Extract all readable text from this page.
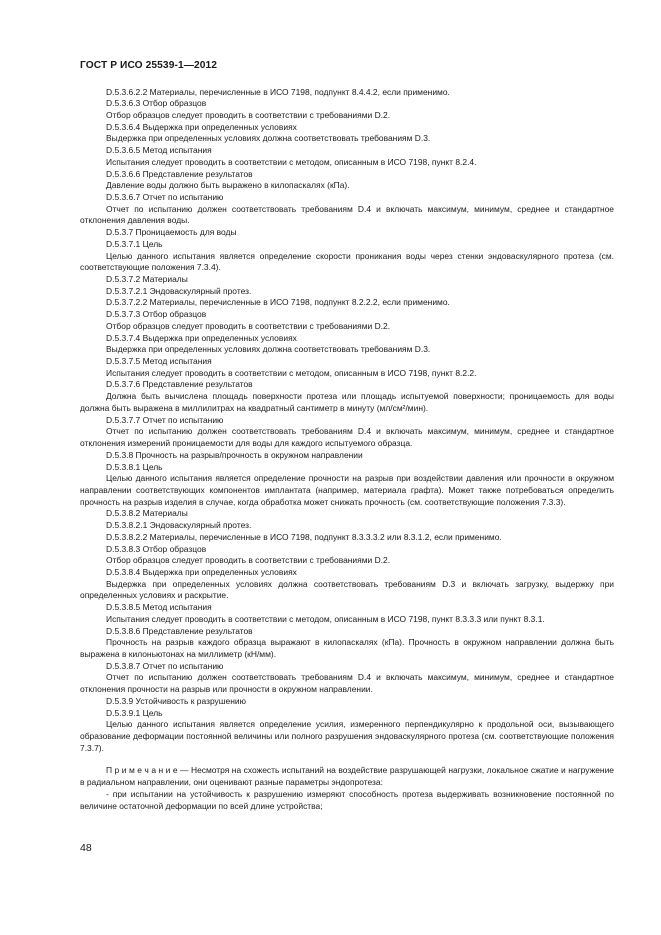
ГОСТ Р ИСО 25539-1—2012

D.5.3.6.2.2 Материалы, перечисленные в ИСО 7198, подпункт 8.4.4.2, если применимо.

D.5.3.6.3 Отбор образцов

Отбор образцов следует проводить в соответствии с требованиями D.2.

D.5.3.6.4 Выдержка при определенных условиях

Выдержка при определенных условиях должна соответствовать требованиям D.3.

D.5.3.6.5 Метод испытания

Испытания следует проводить в соответствии с методом, описанным в ИСО 7198, пункт 8.2.4.

D.5.3.6.6 Представление результатов

Давление воды должно быть выражено в килопаскалях (кПа).

D.5.3.6.7 Отчет по испытанию

Отчет по испытанию должен соответствовать требованиям D.4 и включать максимум, минимум, среднее и стандартное отклонения давления воды.

D.5.3.7 Проницаемость для воды

D.5.3.7.1 Цель

Целью данного испытания является определение скорости проникания воды через стенки эндоваскулярного протеза (см. соответствующие положения 7.3.4).

D.5.3.7.2 Материалы

D.5.3.7.2.1 Эндоваскулярный протез.

D.5.3.7.2.2 Материалы, перечисленные в ИСО 7198, подпункт 8.2.2.2, если применимо.

D.5.3.7.3 Отбор образцов

Отбор образцов следует проводить в соответствии с требованиями D.2.

D.5.3.7.4 Выдержка при определенных условиях

Выдержка при определенных условиях должна соответствовать требованиям D.3.

D.5.3.7.5 Метод испытания

Испытания следует проводить в соответствии с методом, описанным в ИСО 7198, пункт 8.2.2.

D.5.3.7.6 Представление результатов

Должна быть вычислена площадь поверхности протеза или площадь испытуемой поверхности; проницаемость для воды должна быть выражена в миллилитрах на квадратный сантиметр в минуту (мл/см²/мин).

D.5.3.7.7 Отчет по испытанию

Отчет по испытанию должен соответствовать требованиям D.4 и включать максимум, минимум, среднее и стандартное отклонения измерений проницаемости для воды для каждого испытуемого образца.

D.5.3.8 Прочность на разрыв/прочность в окружном направлении

D.5.3.8.1 Цель

Целью данного испытания является определение прочности на разрыв при воздействии давления или прочности в окружном направлении соответствующих компонентов имплантата (например, материала графта). Может также потребоваться определить прочность на разрыв изделия в случае, когда обработка может снижать прочность (см. соответствующие положения 7.3.3).

D.5.3.8.2 Материалы

D.5.3.8.2.1 Эндоваскулярный протез.

D.5.3.8.2.2 Материалы, перечисленные в ИСО 7198, подпункт 8.3.3.3.2 или 8.3.1.2, если применимо.

D.5.3.8.3 Отбор образцов

Отбор образцов следует проводить в соответствии с требованиями D.2.

D.5.3.8.4 Выдержка при определенных условиях

Выдержка при определенных условиях должна соответствовать требованиям D.3 и включать загрузку, выдержку при определенных условиях и раскрытие.

D.5.3.8.5 Метод испытания

Испытания следует проводить в соответствии с методом, описанным в ИСО 7198, пункт 8.3.3.3 или пункт 8.3.1.

D.5.3.8.6 Представление результатов

Прочность на разрыв каждого образца выражают в килопаскалях (кПа). Прочность в окружном направлении должна быть выражена в килоньютонах на миллиметр (кН/мм).

D.5.3.8.7 Отчет по испытанию

Отчет по испытанию должен соответствовать требованиям D.4 и включать максимум, минимум, среднее и стандартное отклонения прочности на разрыв или прочности в окружном направлении.

D.5.3.9 Устойчивость к разрушению

D.5.3.9.1 Цель

Целью данного испытания является определение усилия, измеренного перпендикулярно к продольной оси, вызывающего образование деформации постоянной величины или полного разрушения эндоваскулярного протеза (см. соответствующие положения 7.3.7).

П р и м е ч а н и е — Несмотря на схожесть испытаний на воздействие разрушающей нагрузки, локальное сжатие и нагружение в радиальном направлении, они оценивают разные параметры эндопротеза:

- при испытании на устойчивость к разрушению измеряют способность протеза выдерживать возникновение постоянной по величине остаточной деформации по всей длине устройства;

48
